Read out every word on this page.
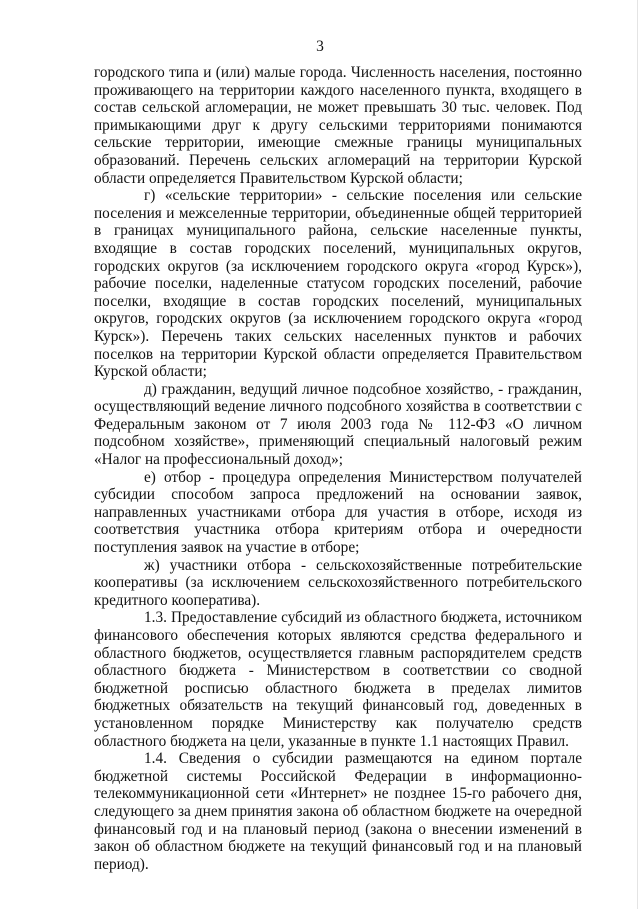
3

городского типа и (или) малые города. Численность населения, постоянно проживающего на территории каждого населенного пункта, входящего в состав сельской агломерации, не может превышать 30 тыс. человек. Под примыкающими друг к другу сельскими территориями понимаются сельские территории, имеющие смежные границы муниципальных образований. Перечень сельских агломераций на территории Курской области определяется Правительством Курской области;

г) «сельские территории» - сельские поселения или сельские поселения и межселенные территории, объединенные общей территорией в границах муниципального района, сельские населенные пункты, входящие в состав городских поселений, муниципальных округов, городских округов (за исключением городского округа «город Курск»), рабочие поселки, наделенные статусом городских поселений, рабочие поселки, входящие в состав городских поселений, муниципальных округов, городских округов (за исключением городского округа «город Курск»). Перечень таких сельских населенных пунктов и рабочих поселков на территории Курской области определяется Правительством Курской области;

д) гражданин, ведущий личное подсобное хозяйство, - гражданин, осуществляющий ведение личного подсобного хозяйства в соответствии с Федеральным законом от 7 июля 2003 года № 112-ФЗ «О личном подсобном хозяйстве», применяющий специальный налоговый режим «Налог на профессиональный доход»;

е) отбор - процедура определения Министерством получателей субсидии способом запроса предложений на основании заявок, направленных участниками отбора для участия в отборе, исходя из соответствия участника отбора критериям отбора и очередности поступления заявок на участие в отборе;

ж) участники отбора - сельскохозяйственные потребительские кооперативы (за исключением сельскохозяйственного потребительского кредитного кооператива).

1.3. Предоставление субсидий из областного бюджета, источником финансового обеспечения которых являются средства федерального и областного бюджетов, осуществляется главным распорядителем средств областного бюджета - Министерством в соответствии со сводной бюджетной росписью областного бюджета в пределах лимитов бюджетных обязательств на текущий финансовый год, доведенных в установленном порядке Министерству как получателю средств областного бюджета на цели, указанные в пункте 1.1 настоящих Правил.

1.4. Сведения о субсидии размещаются на едином портале бюджетной системы Российской Федерации в информационно-телекоммуникационной сети «Интернет» не позднее 15-го рабочего дня, следующего за днем принятия закона об областном бюджете на очередной финансовый год и на плановый период (закона о внесении изменений в закон об областном бюджете на текущий финансовый год и на плановый период).
